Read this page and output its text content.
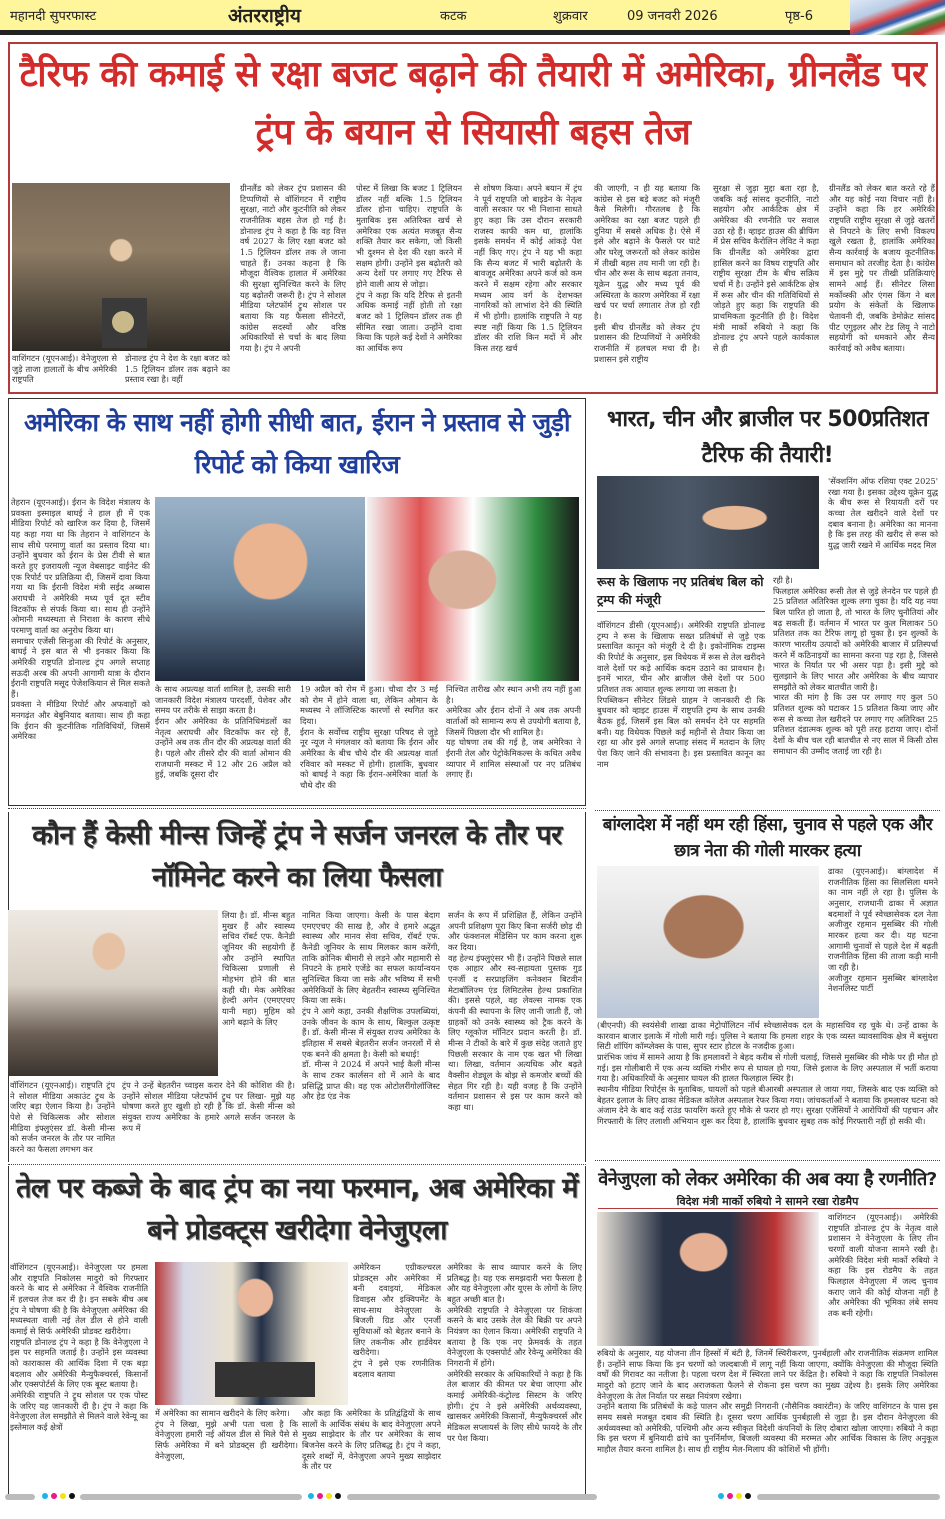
महानदी सुपरफास्ट	अंतरराष्ट्रीय	कटक	शुक्रवार	09 जनवरी 2026	पृष्ठ-6
टैरिफ की कमाई से रक्षा बजट बढ़ाने की तैयारी में अमेरिका, ग्रीनलैंड पर ट्रंप के बयान से सियासी बहस तेज
वाशिंगटन (यूएनआई)। वेनेजुएला से जुड़े ताजा हालातों के बीच अमेरिकी राष्ट्रपति
डोनाल्ड ट्रंप ने देश के रक्षा बजट को 1.5 ट्रिलियन डॉलर तक बढ़ाने का प्रस्ताव रखा है। वहीं
ग्रीनलैंड को लेकर ट्रंप प्रशासन की टिप्पणियों से वॉशिंगटन में राष्ट्रीय सुरक्षा, नाटो और कूटनीति को लेकर राजनीतिक बहस तेज हो गई है। डोनाल्ड ट्रंप ने कहा है कि वह वित्त वर्ष 2027 के लिए रक्षा बजट को 1.5 ट्रिलियन डॉलर तक ले जाना चाहते हैं। उनका कहना है कि मौजूदा वैश्विक हालात में अमेरिका की सुरक्षा सुनिश्चित करने के लिए यह बढ़ोतरी जरूरी है। ट्रंप ने सोशल मीडिया प्लेटफॉर्म ट्रुथ सोशल पर बताया कि यह फैसला सीनेटरों, कांग्रेस सदस्यों और वरिष्ठ अधिकारियों से चर्चा के बाद लिया गया है। ट्रंप ने अपनी
पोस्ट में लिखा कि बजट 1 ट्रिलियन डॉलर नहीं बल्कि 1.5 ट्रिलियन डॉलर होना चाहिए। राष्ट्रपति के मुताबिक इस अतिरिक्त खर्च से अमेरिका एक अत्यंत मजबूत सैन्य शक्ति तैयार कर सकेगा, जो किसी भी दुश्मन से देश की रक्षा करने में सक्षम होगी। उन्होंने इस बढ़ोतरी को अन्य देशों पर लगाए गए टैरिफ से होने वाली आय से जोड़ा।
ट्रंप ने कहा कि यदि टैरिफ से इतनी अधिक कमाई नहीं होती तो रक्षा बजट को 1 ट्रिलियन डॉलर तक ही सीमित रखा जाता। उन्होंने दावा किया कि पहले कई देशों ने अमेरिका का आर्थिक रूप
से शोषण किया। अपने बयान में ट्रंप ने पूर्व राष्ट्रपति जो बाइडेन के नेतृत्व वाली सरकार पर भी निशाना साधते हुए कहा कि उस दौरान सरकारी राजस्व काफी कम था, हालांकि इसके समर्थन में कोई आंकड़े पेश नहीं किए गए। ट्रंप ने यह भी कहा कि सैन्य बजट में भारी बढ़ोतरी के बावजूद अमेरिका अपने कर्ज को कम करने में सक्षम रहेगा और सरकार मध्यम आय वर्ग के देशभक्त नागरिकों को लाभांश देने की स्थिति में भी होगी। हालांकि राष्ट्रपति ने यह स्पष्ट नहीं किया कि 1.5 ट्रिलियन डॉलर की राशि किन मदों में और किस तरह खर्च
की जाएगी, न ही यह बताया कि कांग्रेस से इस बड़े बजट को मंजूरी कैसे मिलेगी। गौरतलब है कि अमेरिका का रक्षा बजट पहले ही दुनिया में सबसे अधिक है। ऐसे में इसे और बढ़ाने के फैसले पर घाटे और घरेलू जरूरतों को लेकर कांग्रेस में तीखी बहस तय मानी जा रही है। चीन और रूस के साथ बढ़ता तनाव, यूक्रेन युद्ध और मध्य पूर्व की अस्थिरता के कारण अमेरिका में रक्षा खर्च पर चर्चा लगातार तेज हो रही है।
इसी बीच ग्रीनलैंड को लेकर ट्रंप प्रशासन की टिप्पणियों ने अमेरिकी राजनीति में हलचल मचा दी है। प्रशासन इसे राष्ट्रीय
सुरक्षा से जुड़ा मुद्दा बता रहा है, जबकि कई सांसद कूटनीति, नाटो सहयोग और आर्कटिक क्षेत्र में अमेरिका की रणनीति पर सवाल उठा रहे हैं। व्हाइट हाउस की ब्रीफिंग में प्रेस सचिव कैरोलिन लेविट ने कहा कि ग्रीनलैंड को अमेरिका द्वारा हासिल करने का विषय राष्ट्रपति और राष्ट्रीय सुरक्षा टीम के बीच सक्रिय चर्चा में है। उन्होंने इसे आर्कटिक क्षेत्र में रूस और चीन की गतिविधियों से जोड़ते हुए कहा कि राष्ट्रपति की प्राथमिकता कूटनीति ही है। विदेश मंत्री मार्को रुबियो ने कहा कि डोनाल्ड ट्रंप अपने पहले कार्यकाल से ही
ग्रीनलैंड को लेकर बात करते रहे हैं और यह कोई नया विचार नहीं है। उन्होंने कहा कि हर अमेरिकी राष्ट्रपति राष्ट्रीय सुरक्षा से जुड़े खतरों से निपटने के लिए सभी विकल्प खुले रखता है, हालांकि अमेरिका सैन्य कार्रवाई के बजाय कूटनीतिक समाधान को तरजीह देता है। कांग्रेस में इस मुद्दे पर तीखी प्रतिक्रियाएं सामने आई हैं। सीनेटर लिसा मर्कोव्स्की और एंगस किंग ने बल प्रयोग के संकेतों के खिलाफ चेतावनी दी, जबकि डेमोक्रेट सांसद पीट एगुइलर और टेड लियू ने नाटो सहयोगी को धमकाने और सैन्य कार्रवाई को अवैध बताया।
अमेरिका के साथ नहीं होगी सीधी बात, ईरान ने प्रस्ताव से जुड़ी रिपोर्ट को किया खारिज
तेहरान (यूएनआई)। ईरान के विदेश मंत्रालय के प्रवक्ता इस्माइल बाघई ने हाल ही में एक मीडिया रिपोर्ट को खारिज कर दिया है, जिसमें यह कहा गया था कि तेहरान ने वाशिंगटन के साथ सीधे परमाणु वार्ता का प्रस्ताव दिया था। उन्होंने बुधवार को ईरान के प्रेस टीवी से बात करते हुए इजरायली न्यूज वेबसाइट वाईनेट की एक रिपोर्ट पर प्रतिक्रिया दी, जिसमें दावा किया गया था कि ईरानी विदेश मंत्री सईद अब्बास अराघची ने अमेरिकी मध्य पूर्व दूत स्टीव विटकॉफ से संपर्क किया था। साथ ही उन्होंने ओमानी मध्यस्थता से निराशा के कारण सीधे परमाणु वार्ता का अनुरोध किया था।
समाचार एजेंसी सिन्हुआ की रिपोर्ट के अनुसार, बाघई ने इस बात से भी इनकार किया कि अमेरिकी राष्ट्रपति डोनाल्ड ट्रंप अगले सप्ताह सऊदी अरब की अपनी आगामी यात्रा के दौरान ईरानी राष्ट्रपति मसूद पेजेशकियान से मिल सकते हैं।
प्रवक्ता ने मीडिया रिपोर्ट और अफवाहों को मनगढ़ंत और बेबुनियाद बताया। साथ ही कहा कि ईरान की कूटनीतिक गतिविधियों, जिसमें अमेरिका
के साथ अप्रत्यक्ष वार्ता शामिल है, उसकी सारी जानकारी विदेश मंत्रालय पारदर्शी, पेशेवर और समय पर तरीके से साझा करता है।
ईरान और अमेरिका के प्रतिनिधिमंडलों का नेतृत्व अराघची और विटकॉफ कर रहे हैं, उन्होंने अब तक तीन दौर की अप्रत्यक्ष वार्ता की है। पहले और तीसरे दौर की वार्ता ओमान की राजधानी मस्कट में 12 और 26 अप्रैल को हुई, जबकि दूसरा दौर
19 अप्रैल को रोम में हुआ। चौथा दौर 3 मई को रोम में होने वाला था, लेकिन ओमान के मध्यस्थ ने लॉजिस्टिक कारणों से स्थगित कर दिया।
ईरान के सर्वोच्च राष्ट्रीय सुरक्षा परिषद से जुड़े नूर न्यूज ने मंगलवार को बताया कि ईरान और अमेरिका के बीच चौथे दौर की अप्रत्यक्ष वार्ता रविवार को मस्कट में होगी। हालांकि, बुधवार को बाघई ने कहा कि ईरान-अमेरिका वार्ता के चौथे दौर की
निश्चित तारीख और स्थान अभी तय नहीं हुआ है।
अमेरिका और ईरान दोनों ने अब तक अपनी वार्ताओं को सामान्य रूप से उपयोगी बताया है, जिसमें पिछला दौर भी शामिल है।
यह घोषणा तब की गई है, जब अमेरिका ने ईरानी तेल और पेट्रोकेमिकल्स के कथित अवैध व्यापार में शामिल संस्थाओं पर नए प्रतिबंध लगाए हैं।
भारत, चीन और ब्राजील पर 500प्रतिशत टैरिफ की तैयारी!
'सेंक्शनिंग ऑफ रशिया एक्ट 2025' रखा गया है। इसका उद्देश्य यूक्रेन युद्ध के बीच रूस से रियायती दरों पर कच्चा तेल खरीदने वाले देशों पर दबाव बनाना है। अमेरिका का मानना है कि इस तरह की खरीद से रूस को युद्ध जारी रखने में आर्थिक मदद मिल
रूस के खिलाफ नए प्रतिबंध बिल को ट्रम्प की मंजूरी
वॉशिंगटन डीसी (यूएनआई)। अमेरिकी राष्ट्रपति डोनाल्ड ट्रम्प ने रूस के खिलाफ सख्त प्रतिबंधों से जुड़े एक प्रस्तावित कानून को मंजूरी दे दी है। इकोनॉमिक टाइम्स की रिपोर्ट के अनुसार, इस विधेयक में रूस से तेल खरीदने वाले देशों पर कड़े आर्थिक कदम उठाने का प्रावधान है। इनमें भारत, चीन और ब्राजील जैसे देशों पर 500 प्रतिशत तक आयात शुल्क लगाया जा सकता है।
रिपब्लिकन सीनेटर लिंडसे ग्राहम ने जानकारी दी कि बुधवार को व्हाइट हाउस में राष्ट्रपति ट्रम्प के साथ उनकी बैठक हुई, जिसमें इस बिल को समर्थन देने पर सहमति बनी। यह विधेयक पिछले कई महीनों से तैयार किया जा रहा था और इसे अगले सप्ताह संसद में मतदान के लिए पेश किए जाने की संभावना है। इस प्रस्तावित कानून का नाम
रही है।
फिलहाल अमेरिका रूसी तेल से जुड़े लेनदेन पर पहले ही 25 प्रतिशत अतिरिक्त शुल्क लगा चुका है। यदि यह नया बिल पारित हो जाता है, तो भारत के लिए चुनौतियां और बढ़ सकती हैं। वर्तमान में भारत पर कुल मिलाकर 50 प्रतिशत तक का टैरिफ लागू हो चुका है। इन शुल्कों के कारण भारतीय उत्पादों को अमेरिकी बाजार में प्रतिस्पर्धा करने में कठिनाइयों का सामना करना पड़ रहा है, जिससे भारत के निर्यात पर भी असर पड़ा है। इसी मुद्दे को सुलझाने के लिए भारत और अमेरिका के बीच व्यापार समझौते को लेकर बातचीत जारी है।
भारत की मांग है कि उस पर लगाए गए कुल 50 प्रतिशत शुल्क को घटाकर 15 प्रतिशत किया जाए और रूस से कच्चा तेल खरीदने पर लगाए गए अतिरिक्त 25 प्रतिशत दंडात्मक शुल्क को पूरी तरह हटाया जाए। दोनों देशों के बीच चल रही बातचीत से नए साल में किसी ठोस समाधान की उम्मीद जताई जा रही है।
कौन हैं केसी मीन्स जिन्हें ट्रंप ने सर्जन जनरल के तौर पर नॉमिनेट करने का लिया फैसला
लिया है। डॉ. मीन्स बहुत मुखर हैं और स्वास्थ्य सचिव रॉबर्ट एफ. कैनेडी जूनियर की सहयोगी हैं और उन्होंने स्थापित चिकित्सा प्रणाली से मोहभंग होने की बात कही थी। मेक अमेरिका हेल्दी अगेन (एमएएचए यानी महा) मुहिम को आगे बढ़ाने के लिए
वॉशिंगटन (यूएनआई)। राष्ट्रपति ट्रंप ने सोशल मीडिया अकाउंट ट्रुथ के जरिए बड़ा ऐलान किया है। उन्होंने पेशे से चिकित्सक और सोशल मीडिया इंफ्लुएंसर डॉ. केसी मीन्स को सर्जन जनरल के तौर पर नामित करने का फैसला लगभग कर
ट्रंप ने उन्हें बेहतरीन च्वाइस करार देने की कोशिश की है। उन्होंने सोशल मीडिया प्लेटफॉर्म ट्रुथ पर लिखा- मुझे यह घोषणा करते हुए खुशी हो रही है कि डॉ. केसी मीन्स को संयुक्त राज्य अमेरिका के हमारे अगले सर्जन जनरल के रूप में
नामित किया जाएगा। केसी के पास बेदाग एमएएचए की साख है, और वे हमारे अद्भुत स्वास्थ्य और मानव सेवा सचिव, रॉबर्ट एफ. कैनेडी जूनियर के साथ मिलकर काम करेंगी, ताकि क्रोनिक बीमारी से लड़ने और महामारी से निपटने के हमारे एजेंडे का सफल कार्यान्वयन सुनिश्चित किया जा सके और भविष्य में सभी अमेरिकियों के लिए बेहतरीन स्वास्थ्य सुनिश्चित किया जा सके।
ट्रंप ने आगे कहा, उनकी शैक्षणिक उपलब्धियां, उनके जीवन के काम के साथ, बिल्कुल उत्कृष्ट हैं। डॉ. केसी मीन्स में संयुक्त राज्य अमेरिका के इतिहास में सबसे बेहतरीन सर्जन जनरलों में से एक बनने की क्षमता है। केसी को बधाई!
डॉ. मीन्स ने 2024 में अपने भाई कैली मीन्स के साथ टकर कार्लसन शो में आने के बाद प्रसिद्धि प्राप्त की। वह एक ओटोलरींगोलॉजिस्ट और हेड एंड नेक
सर्जन के रूप में प्रशिक्षित हैं, लेकिन उन्होंने अपनी प्रशिक्षण पूरा किए बिना सर्जरी छोड़ दी और फंक्शनल मेडिसिन पर काम करना शुरू कर दिया।
वह हेल्थ इंफ्लुएंसर भी हैं। उन्होंने पिछले साल एक आहार और स्व-सहायता पुस्तक गुड एनर्जी द सरप्राइजिंग कनेक्शन बिटवीन मेटाबॉलिज्म एंड लिमिटलेस हेल्थ प्रकाशित की। इससे पहले, वह लेवल्स नामक एक कंपनी की स्थापना के लिए जानी जाती हैं, जो ग्राहकों को उनके स्वास्थ्य को ट्रैक करने के लिए ग्लूकोज मॉनिटर प्रदान करती है। डॉ. मीन्स ने टीकों के बारे में कुछ संदेह जताते हुए पिछली सरकार के नाम एक खत भी लिखा था। लिखा, वर्तमान अत्यधिक और बढ़ते वैक्सीन शेड्यूल के बोझ से कमजोर बच्चों की सेहत गिर रही है। यही वजह है कि उन्होंने वर्तमान प्रशासन से इस पर काम करने को कहा था।
बांग्लादेश में नहीं थम रही हिंसा, चुनाव से पहले एक और छात्र नेता की गोली मारकर हत्या
ढाका (यूएनआई)। बांग्लादेश में राजनीतिक हिंसा का सिलसिला थमने का नाम नहीं ले रहा है। पुलिस के अनुसार, राजधानी ढाका में अज्ञात बदमाशों ने पूर्व स्वेच्छासेवक दल नेता अजीजुर रहमान मुसब्बिर की गोली मारकर हत्या कर दी। यह घटना आगामी चुनावों से पहले देश में बढ़ती राजनीतिक हिंसा की ताजा कड़ी मानी जा रही है।
अजीजुर रहमान मुसब्बिर बांग्लादेश नेशनलिस्ट पार्टी
(बीएनपी) की स्वयंसेवी शाखा ढाका मेट्रोपॉलिटन नॉर्थ स्वेच्छासेवक दल के महासचिव रह चुके थे। उन्हें ढाका के कारवान बाजार इलाके में गोली मारी गई। पुलिस ने बताया कि हमला शहर के एक व्यस्त व्यावसायिक क्षेत्र में बसुंधरा सिटी शॉपिंग कॉम्प्लेक्स के पास, सुपर स्टार होटल के नजदीक हुआ।
प्रारंभिक जांच में सामने आया है कि हमलावरों ने बेहद करीब से गोली चलाई, जिससे मुसब्बिर की मौके पर ही मौत हो गई। इस गोलीबारी में एक अन्य व्यक्ति गंभीर रूप से घायल हो गया, जिसे इलाज के लिए अस्पताल में भर्ती कराया गया है। अधिकारियों के अनुसार घायल की हालत फिलहाल स्थिर है।
स्थानीय मीडिया रिपोर्ट्स के मुताबिक, घायलों को पहले बीआरबी अस्पताल ले जाया गया, जिसके बाद एक व्यक्ति को बेहतर इलाज के लिए ढाका मेडिकल कॉलेज अस्पताल रेफर किया गया। जांचकर्ताओं ने बताया कि हमलावर घटना को अंजाम देने के बाद कई राउंड फायरिंग करते हुए मौके से फरार हो गए। सुरक्षा एजेंसियों ने आरोपियों की पहचान और गिरफ्तारी के लिए तलाशी अभियान शुरू कर दिया है, हालांकि बुधवार सुबह तक कोई गिरफ्तारी नहीं हो सकी थी।
तेल पर कब्जे के बाद ट्रंप का नया फरमान, अब अमेरिका में बने प्रोडक्ट्स खरीदेगा वेनेजुएला
वॉशिंगटन (यूएनआई)। वेनेजुएला पर हमला और राष्ट्रपति निकोलस मादुरो को गिरफ्तार करने के बाद से अमेरिका ने वैश्विक राजनीति में हलचल तेज कर दी है। इन सबके बीच अब ट्रंप ने घोषणा की है कि वेनेजुएला अमेरिका की मध्यस्थता वाली नई तेल डील से होने वाली कमाई से सिर्फ अमेरिकी प्रोडक्ट खरीदेगा।
राष्ट्रपति डोनाल्ड ट्रंप ने कहा है कि वेनेजुएला ने इस पर सहमति जताई है। उन्होंने इस व्यवस्था को काराकास की आर्थिक दिशा में एक बड़ा बदलाव और अमेरिकी मैन्युफैक्चरर्स, किसानों और एक्सपोर्टर्स के लिए एक बूस्ट बताया है।
अमेरिकी राष्ट्रपति ने ट्रुथ सोशल पर एक पोस्ट के जरिए यह जानकारी दी है। ट्रंप ने कहा कि वेनेजुएला तेल समझौते से मिलने वाले रेवेन्यू का इस्तेमाल कई क्षेत्रों
अमेरिकन एग्रीकल्चरल प्रोडक्ट्स और अमेरिका में बनी दवाइयां, मेडिकल डिवाइस और इक्विपमेंट के साथ-साथ वेनेजुएला के बिजली ग्रिड और एनर्जी सुविधाओं को बेहतर बनाने के लिए तकनीक और हार्डवेयर खरीदेगा।
ट्रंप ने इसे एक रणनीतिक बदलाव बताया
में अमेरिका का सामान खरीदने के लिए करेगा।
ट्रंप ने लिखा, मुझे अभी पता चला है कि वेनेजुएला हमारी नई ऑयल डील से मिले पैसे से सिर्फ अमेरिका में बने प्रोडक्ट्स ही खरीदेगा। वेनेजुएला,
और कहा कि अमेरिका के प्रतिद्वंद्वियों के साथ सालों के आर्थिक संबंध के बाद वेनेजुएला अपने मुख्य साझेदार के तौर पर अमेरिका के साथ बिजनेस करने के लिए प्रतिबद्ध है। ट्रंप ने कहा, दूसरे शब्दों में, वेनेजुएला अपने मुख्य साझेदार के तौर पर
अमेरिका के साथ व्यापार करने के लिए प्रतिबद्ध है। यह एक समझदारी भरा फैसला है और यह वेनेजुएला और यूएस के लोगों के लिए बहुत अच्छी बात है।
अमेरिकी राष्ट्रपति ने वेनेजुएला पर शिकंजा कसने के बाद उसके तेल की बिक्री पर अपने नियंत्रण का ऐलान किया। अमेरिकी राष्ट्रपति ने बताया है कि एक नए फ्रेमवर्क के तहत वेनेजुएला के एक्सपोर्ट और रेवेन्यू अमेरिका की निगरानी में होंगे।
अमेरिकी सरकार के अधिकारियों ने कहा है कि तेल बाजार की कीमत पर बेचा जाएगा और कमाई अमेरिकी-कंट्रोल्ड सिस्टम के जरिए होगी। ट्रंप ने इसे अमेरिकी अर्थव्यवस्था, खासकर अमेरिकी किसानों, मैन्युफैक्चरर्स और मेडिकल सप्लायर्स के लिए सीधे फायदे के तौर पर पेश किया।
वेनेजुएला को लेकर अमेरिका की अब क्या है रणनीति?
विदेश मंत्री मार्को रुबियो ने सामने रखा रोडमैप
वाशिंगटन (यूएनआई)। अमेरिकी राष्ट्रपति डोनाल्ड ट्रंप के नेतृत्व वाले प्रशासन ने वेनेजुएला के लिए तीन चरणों वाली योजना सामने रखी है। अमेरिकी विदेश मंत्री मार्को रुबियो ने कहा कि इस रोडमैप के तहत फिलहाल वेनेजुएला में जल्द चुनाव कराए जाने की कोई योजना नहीं है और अमेरिका की भूमिका लंबे समय तक बनी रहेगी।
रुबियो के अनुसार, यह योजना तीन हिस्सों में बंटी है, जिनमें स्थिरीकरण, पुनर्बहाली और राजनीतिक संक्रमण शामिल हैं। उन्होंने साफ किया कि इन चरणों को जल्दबाजी में लागू नहीं किया जाएगा, क्योंकि वेनेजुएला की मौजूदा स्थिति वर्षों की गिरावट का नतीजा है। पहला चरण देश में स्थिरता लाने पर केंद्रित है। रुबियो ने कहा कि राष्ट्रपति निकोलस मादुरो को हटाए जाने के बाद अराजकता फैलने से रोकना इस चरण का मुख्य उद्देश्य है। इसके लिए अमेरिका वेनेजुएला के तेल निर्यात पर सख्त नियंत्रण रखेगा।
उन्होंने बताया कि प्रतिबंधों के कड़े पालन और समुद्री निगरानी (नौसैनिक क्वारंटीन) के जरिए वाशिंगटन के पास इस समय सबसे मजबूत दबाव की स्थिति है। दूसरा चरण आर्थिक पुनर्बहाली से जुड़ा है। इस दौरान वेनेजुएला की अर्थव्यवस्था को अमेरिकी, पश्चिमी और अन्य स्वीकृत विदेशी कंपनियों के लिए दोबारा खोला जाएगा। रुबियो ने कहा कि इस चरण में बुनियादी ढांचे का पुनर्निर्माण, बिजली व्यवस्था की मरम्मत और आर्थिक विकास के लिए अनुकूल माहौल तैयार करना शामिल है। साथ ही राष्ट्रीय मेल-मिलाप की कोशिशें भी होंगी।
